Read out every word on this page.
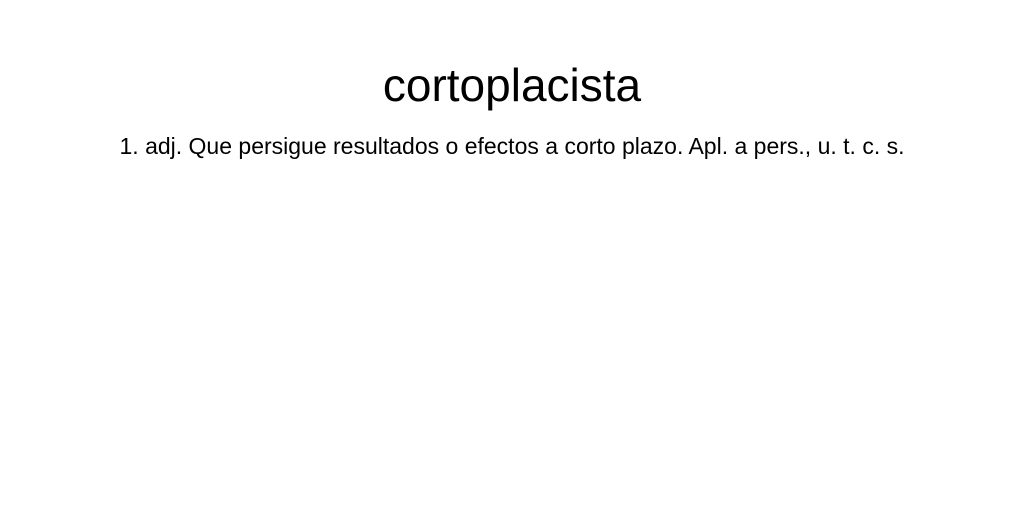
cortoplacista

1. adj. Que persigue resultados o efectos a corto plazo. Apl. a pers., u. t. c. s.
